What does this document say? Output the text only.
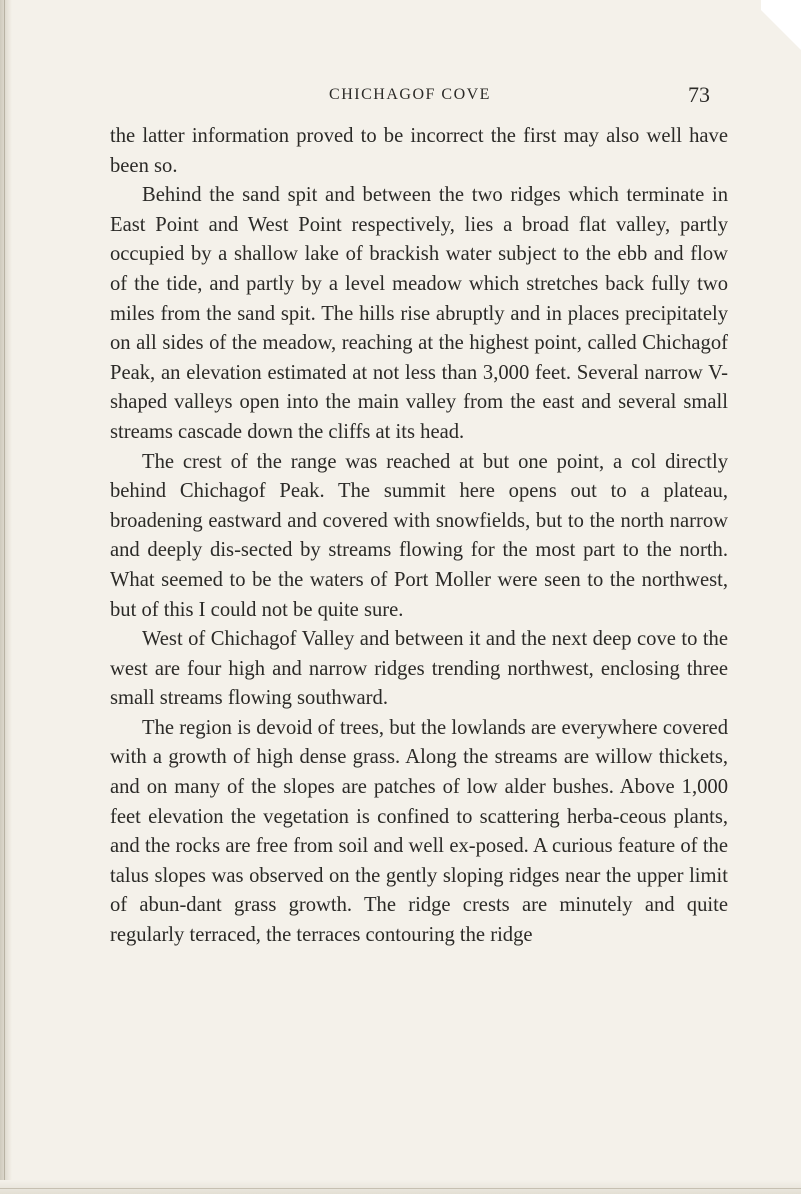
CHICHAGOF COVE	73

the latter information proved to be incorrect the first may also well have been so.

Behind the sand spit and between the two ridges which terminate in East Point and West Point respectively, lies a broad flat valley, partly occupied by a shallow lake of brackish water subject to the ebb and flow of the tide, and partly by a level meadow which stretches back fully two miles from the sand spit. The hills rise abruptly and in places precipitately on all sides of the meadow, reaching at the highest point, called Chichagof Peak, an elevation estimated at not less than 3,000 feet. Several narrow V-shaped valleys open into the main valley from the east and several small streams cascade down the cliffs at its head.

The crest of the range was reached at but one point, a col directly behind Chichagof Peak. The summit here opens out to a plateau, broadening eastward and covered with snowfields, but to the north narrow and deeply dis-sected by streams flowing for the most part to the north. What seemed to be the waters of Port Moller were seen to the northwest, but of this I could not be quite sure.

West of Chichagof Valley and between it and the next deep cove to the west are four high and narrow ridges trending northwest, enclosing three small streams flowing southward.

The region is devoid of trees, but the lowlands are everywhere covered with a growth of high dense grass. Along the streams are willow thickets, and on many of the slopes are patches of low alder bushes. Above 1,000 feet elevation the vegetation is confined to scattering herba-ceous plants, and the rocks are free from soil and well ex-posed. A curious feature of the talus slopes was observed on the gently sloping ridges near the upper limit of abun-dant grass growth. The ridge crests are minutely and quite regularly terraced, the terraces contouring the ridge
